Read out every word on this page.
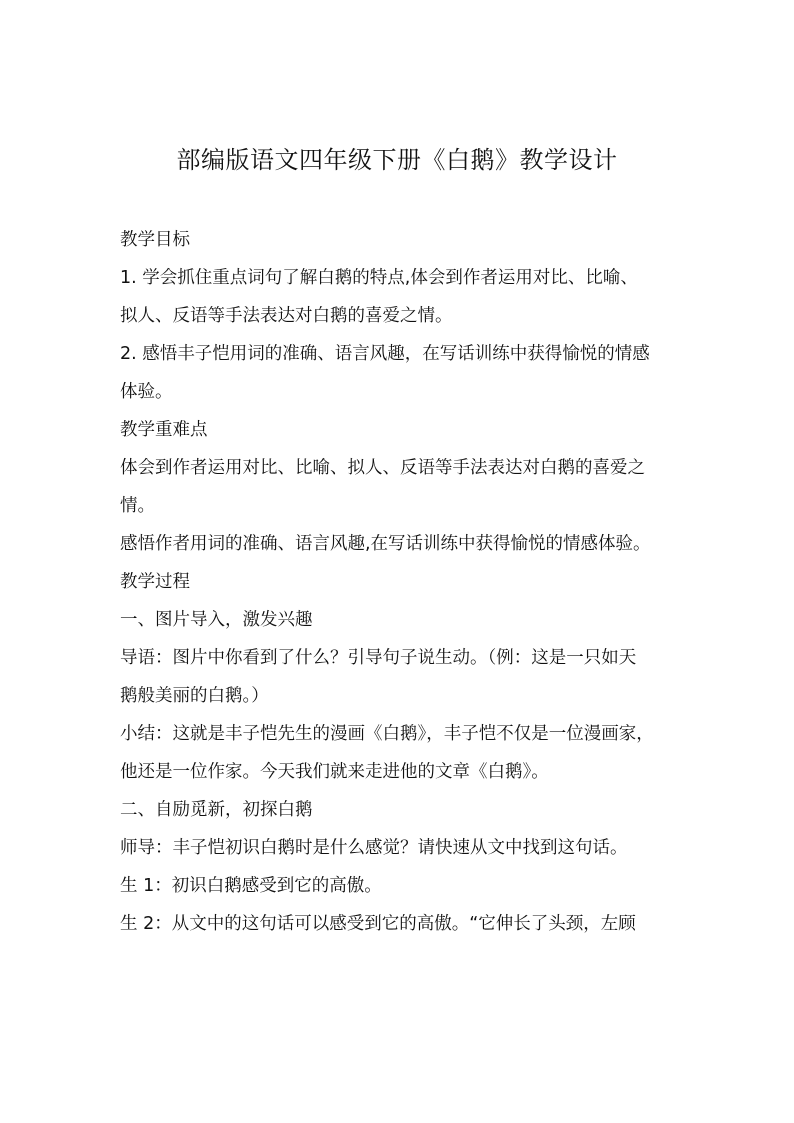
部编版语文四年级下册《白鹅》教学设计
教学目标
1. 学会抓住重点词句了解白鹅的特点,体会到作者运用对比、比喻、
拟人、反语等手法表达对白鹅的喜爱之情。
2. 感悟丰子恺用词的准确、语言风趣，在写话训练中获得愉悦的情感
体验。
教学重难点
体会到作者运用对比、比喻、拟人、反语等手法表达对白鹅的喜爱之
情。
感悟作者用词的准确、语言风趣,在写话训练中获得愉悦的情感体验。
教学过程
一、图片导入，激发兴趣
导语：图片中你看到了什么？引导句子说生动。（例：这是一只如天
鹅般美丽的白鹅。）
小结：这就是丰子恺先生的漫画《白鹅》，丰子恺不仅是一位漫画家，
他还是一位作家。今天我们就来走进他的文章《白鹅》。
二、自励觅新，初探白鹅
师导：丰子恺初识白鹅时是什么感觉？请快速从文中找到这句话。
生 1：初识白鹅感受到它的高傲。
生 2：从文中的这句话可以感受到它的高傲。“它伸长了头颈，左顾
